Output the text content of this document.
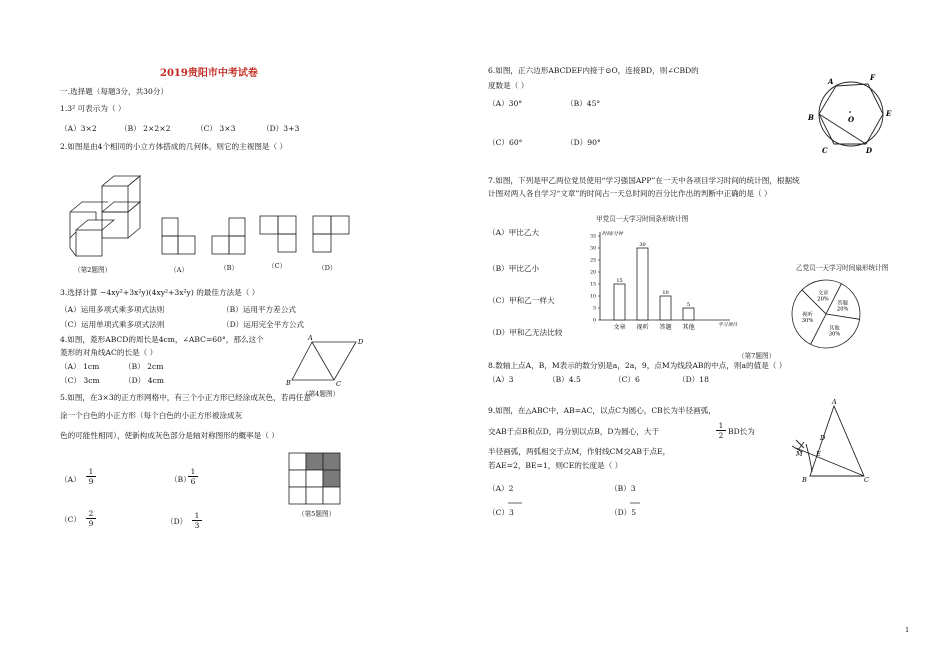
2019贵阳市中考试卷
一.选择题（每题3分，共30分）
1.3² 可表示为（ ）
（A）3×2	（B） 2×2×2	（C） 3×3	（D）3+3
2.如图是由4个相同的小立方体搭成的几何体，则它的主视图是（ ）
（第2题图）	（A）	（B）	（C）	（D）
3.选择计算 −4xy²+3x²y)(4xy²+3x²y) 的最佳方法是（ ）
（A）运用多项式乘多项式法则	（B）运用平方差公式
（C）运用单项式乘多项式法则	（D）运用完全平方公式
4.如图，菱形ABCD的周长是4cm，∠ABC=60°，那么这个
菱形的对角线AC的长是（ ）
（A） 1cm	（B） 2cm
（C） 3cm	（D） 4cm
A	D
B	C
（第4题图）
5.如图，在3×3的正方形网格中，有三个小正方形已经涂成灰色，若再任意
涂一个白色的小正方形（每个白色的小正方形被涂成灰
色的可能性相同），使新构成灰色部分是轴对称图形的概率是（ ）
$(A) \frac{1}{9}$	（B）
$\frac{1}{6}$
$(C) \frac{2}{9}$	$(D) \frac{1}{3}$	（第5题图）
6.如图，正六边形ABCDEF内接于⊙O，连接BD，则∠CBD的
度数是（ ）
（A）30°	（B）45°
（C）60°	（D）90°
A	F
E
B	O
C	D
7.如图，下列是甲乙两位党员使用“学习强国APP”在一天中各项目学习时间的统计图，根据统
计图对两人各自学习“文章”的时间占一天总时间的百分比作出的判断中正确的是（ ）
（A）甲比乙大
（B）甲比乙小
（C）甲和乙一样大
（D）甲和乙无法比较
甲党员一天学习时间条形统计图
时间/分钟
学习项目
0
5
10
15
20
25
30
35
15
文章
30
视听
10
答题
5
其他
乙党员一天学习时间扇形统计图
文章
20%
答题
20%
其他
30%
视听
30%
（第7题图）
8.数轴上点A，B，M表示的数分别是a，2a，9，点M为线段AB的中点，则a的值是（ ）
（A）3	（B）4.5	（C）6	（D）18
9.如图，在△ABC中，AB=AC，以点C为圆心，CB长为半径画弧，
交AB于点B和点D，再分别以点B，D为圆心，大于	$\frac{1}{2}$ BD长为
半径画弧，两弧相交于点M，作射线CM交AB于点E，
若AE=2，BE=1，则CE的长度是（ ）
（A）2	（B）3
（C）3	（D）5
A
D
E
M
B	C
1
